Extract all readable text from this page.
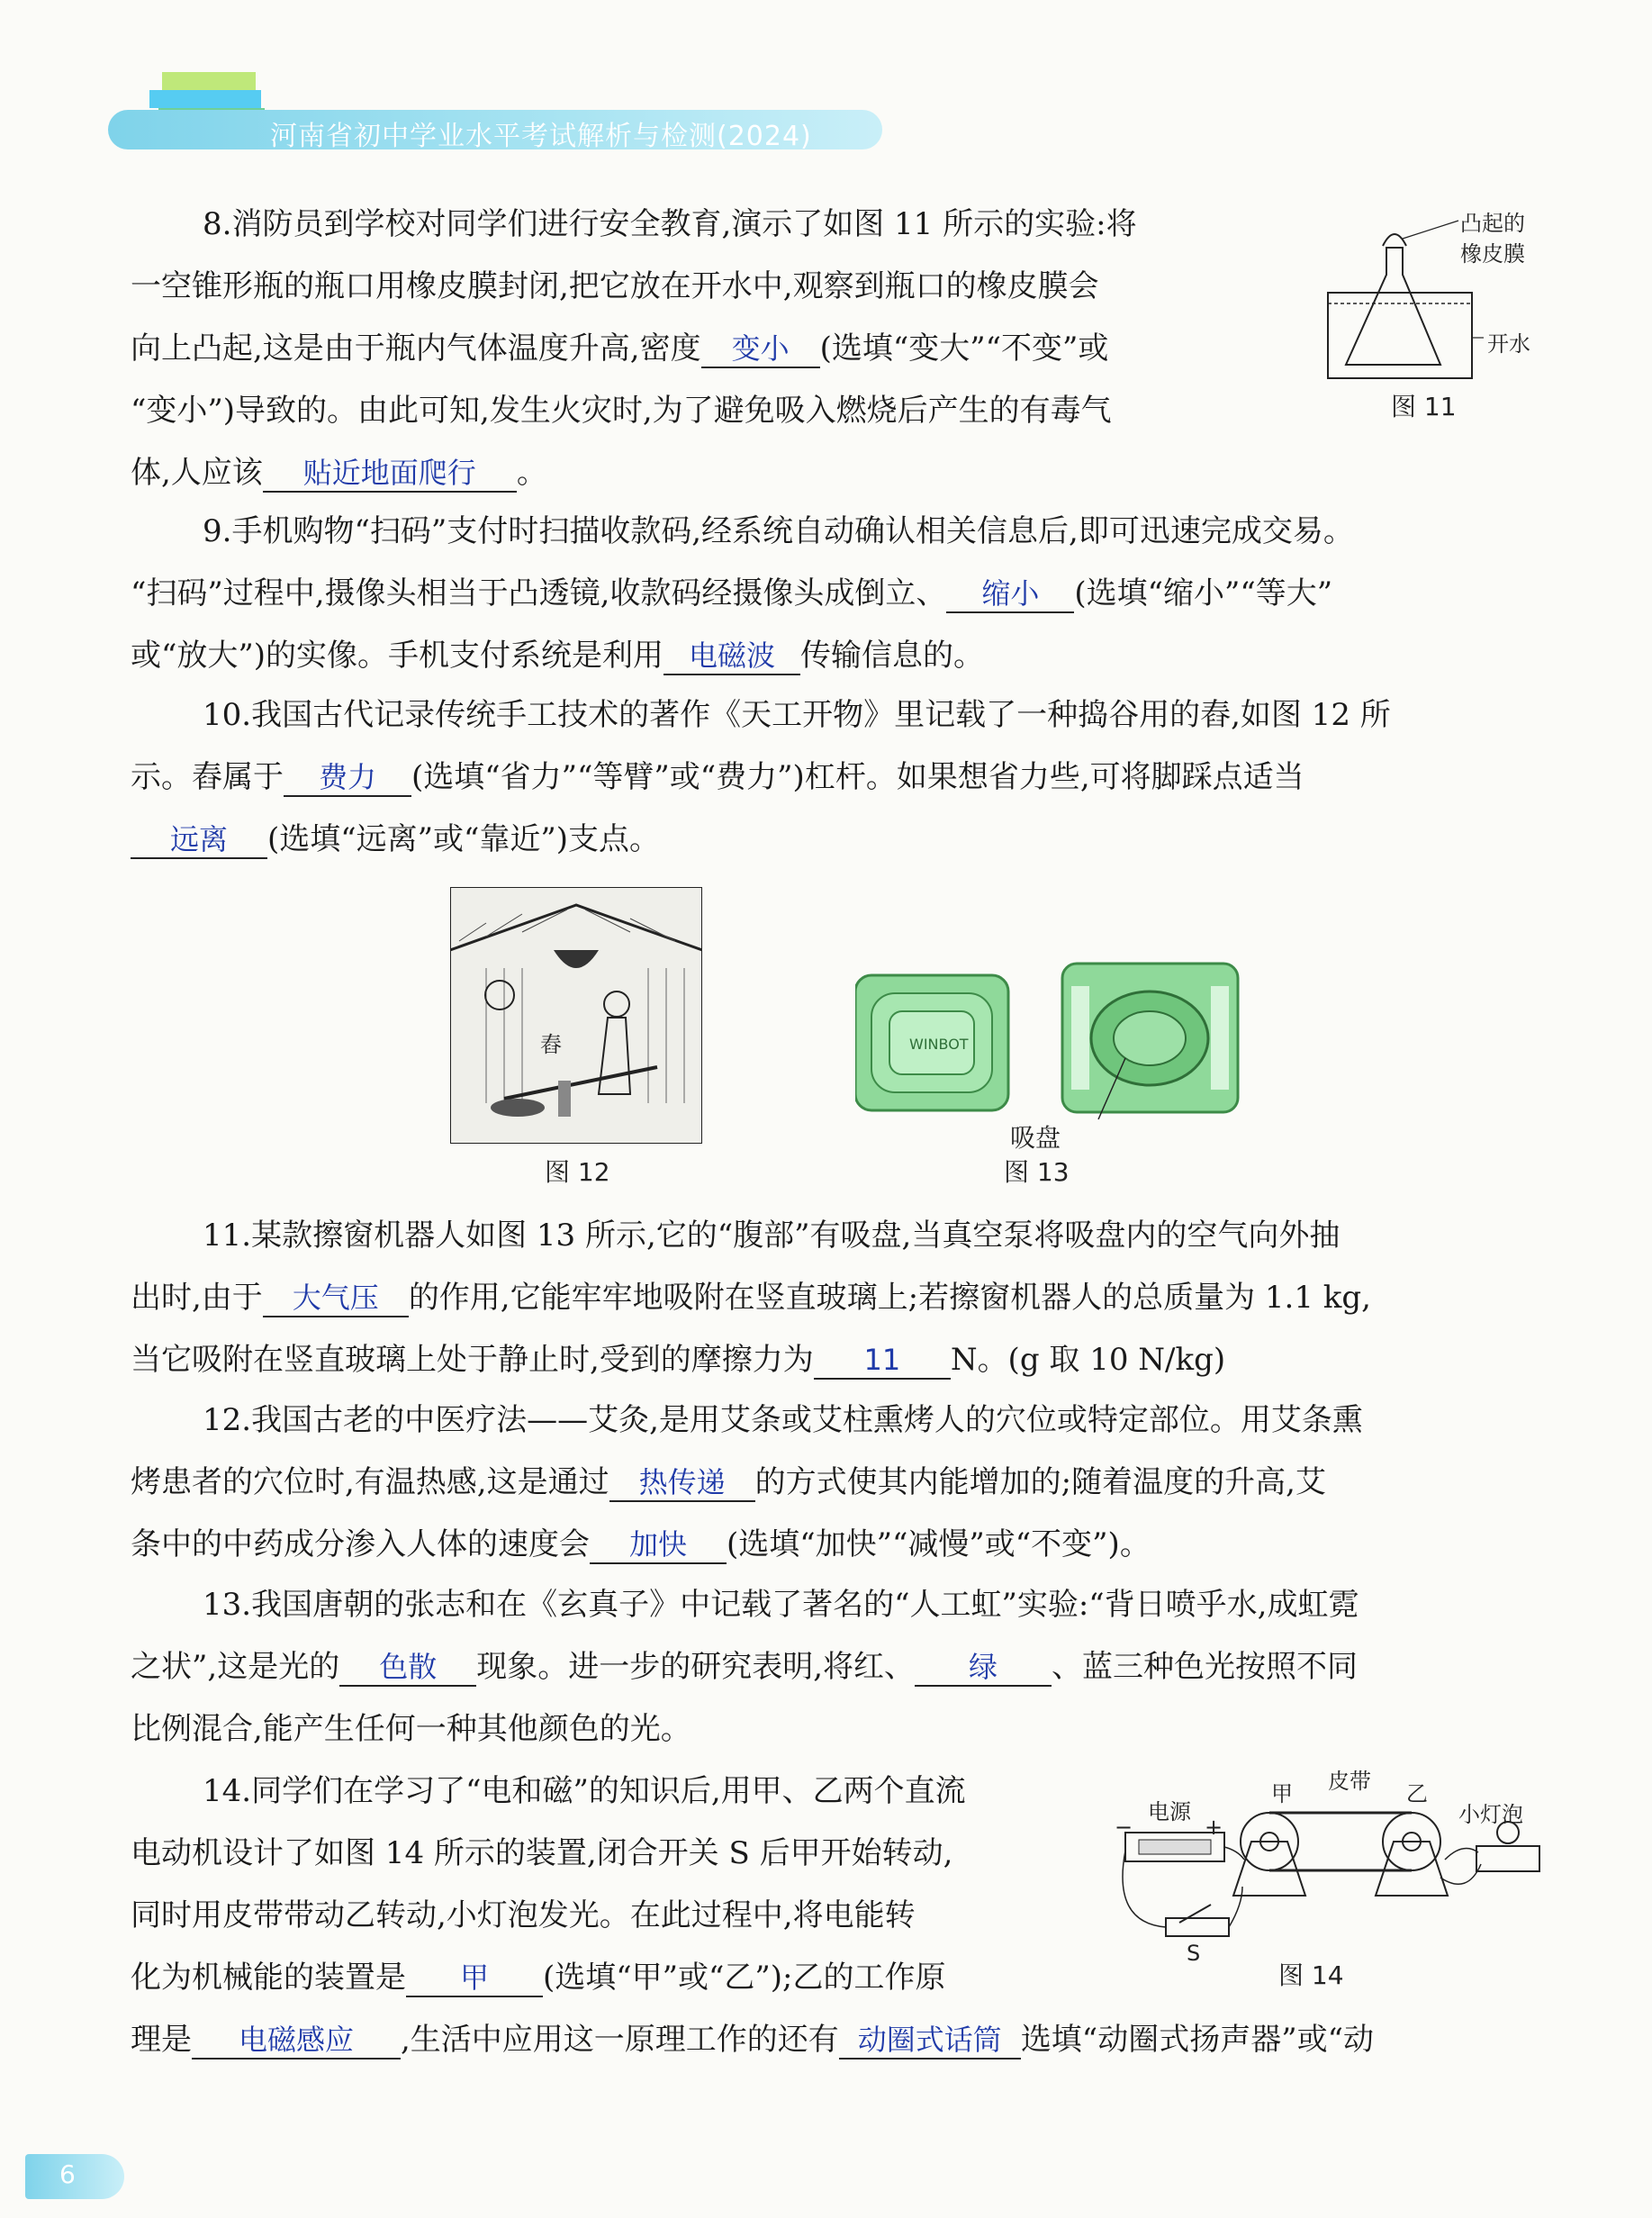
河南省初中学业水平考试解析与检测(2024)
8.消防员到学校对同学们进行安全教育,演示了如图 11 所示的实验:将
一空锥形瓶的瓶口用橡皮膜封闭,把它放在开水中,观察到瓶口的橡皮膜会
向上凸起,这是由于瓶内气体温度升高,密度 变小 (选填“变大”“不变”或
“变小”)导致的。由此可知,发生火灾时,为了避免吸入燃烧后产生的有毒气
体,人应该 贴近地面爬行 。
凸起的
橡皮膜
开水
图 11
9.手机购物“扫码”支付时扫描收款码,经系统自动确认相关信息后,即可迅速完成交易。
“扫码”过程中,摄像头相当于凸透镜,收款码经摄像头成倒立、 缩小 (选填“缩小”“等大”
或“放大”)的实像。手机支付系统是利用 电磁波 传输信息的。
10.我国古代记录传统手工技术的著作《天工开物》里记载了一种捣谷用的舂,如图 12 所
示。舂属于 费力 (选填“省力”“等臂”或“费力”)杠杆。如果想省力些,可将脚踩点适当
远离 (选填“远离”或“靠近”)支点。
舂
图 12
WINBOT
吸盘
图 13
11.某款擦窗机器人如图 13 所示,它的“腹部”有吸盘,当真空泵将吸盘内的空气向外抽
出时,由于 大气压 的作用,它能牢牢地吸附在竖直玻璃上;若擦窗机器人的总质量为 1.1 kg,
当它吸附在竖直玻璃上处于静止时,受到的摩擦力为 11 N。(g 取 10 N/kg)
12.我国古老的中医疗法——艾灸,是用艾条或艾柱熏烤人的穴位或特定部位。用艾条熏
烤患者的穴位时,有温热感,这是通过 热传递 的方式使其内能增加的;随着温度的升高,艾
条中的中药成分渗入人体的速度会 加快 (选填“加快”“减慢”或“不变”)。
13.我国唐朝的张志和在《玄真子》中记载了著名的“人工虹”实验:“背日喷乎水,成虹霓
之状”,这是光的 色散 现象。进一步的研究表明,将红、 绿 、蓝三种色光按照不同
比例混合,能产生任何一种其他颜色的光。
14.同学们在学习了“电和磁”的知识后,用甲、乙两个直流
电动机设计了如图 14 所示的装置,闭合开关 S 后甲开始转动,
同时用皮带带动乙转动,小灯泡发光。在此过程中,将电能转
化为机械能的装置是 甲 (选填“甲”或“乙”);乙的工作原
理是 电磁感应 ,生活中应用这一原理工作的还有 动圈式话筒 选填“动圈式扬声器”或“动
−	+
电源
甲 皮带 乙
小灯泡
S
图 14
6
